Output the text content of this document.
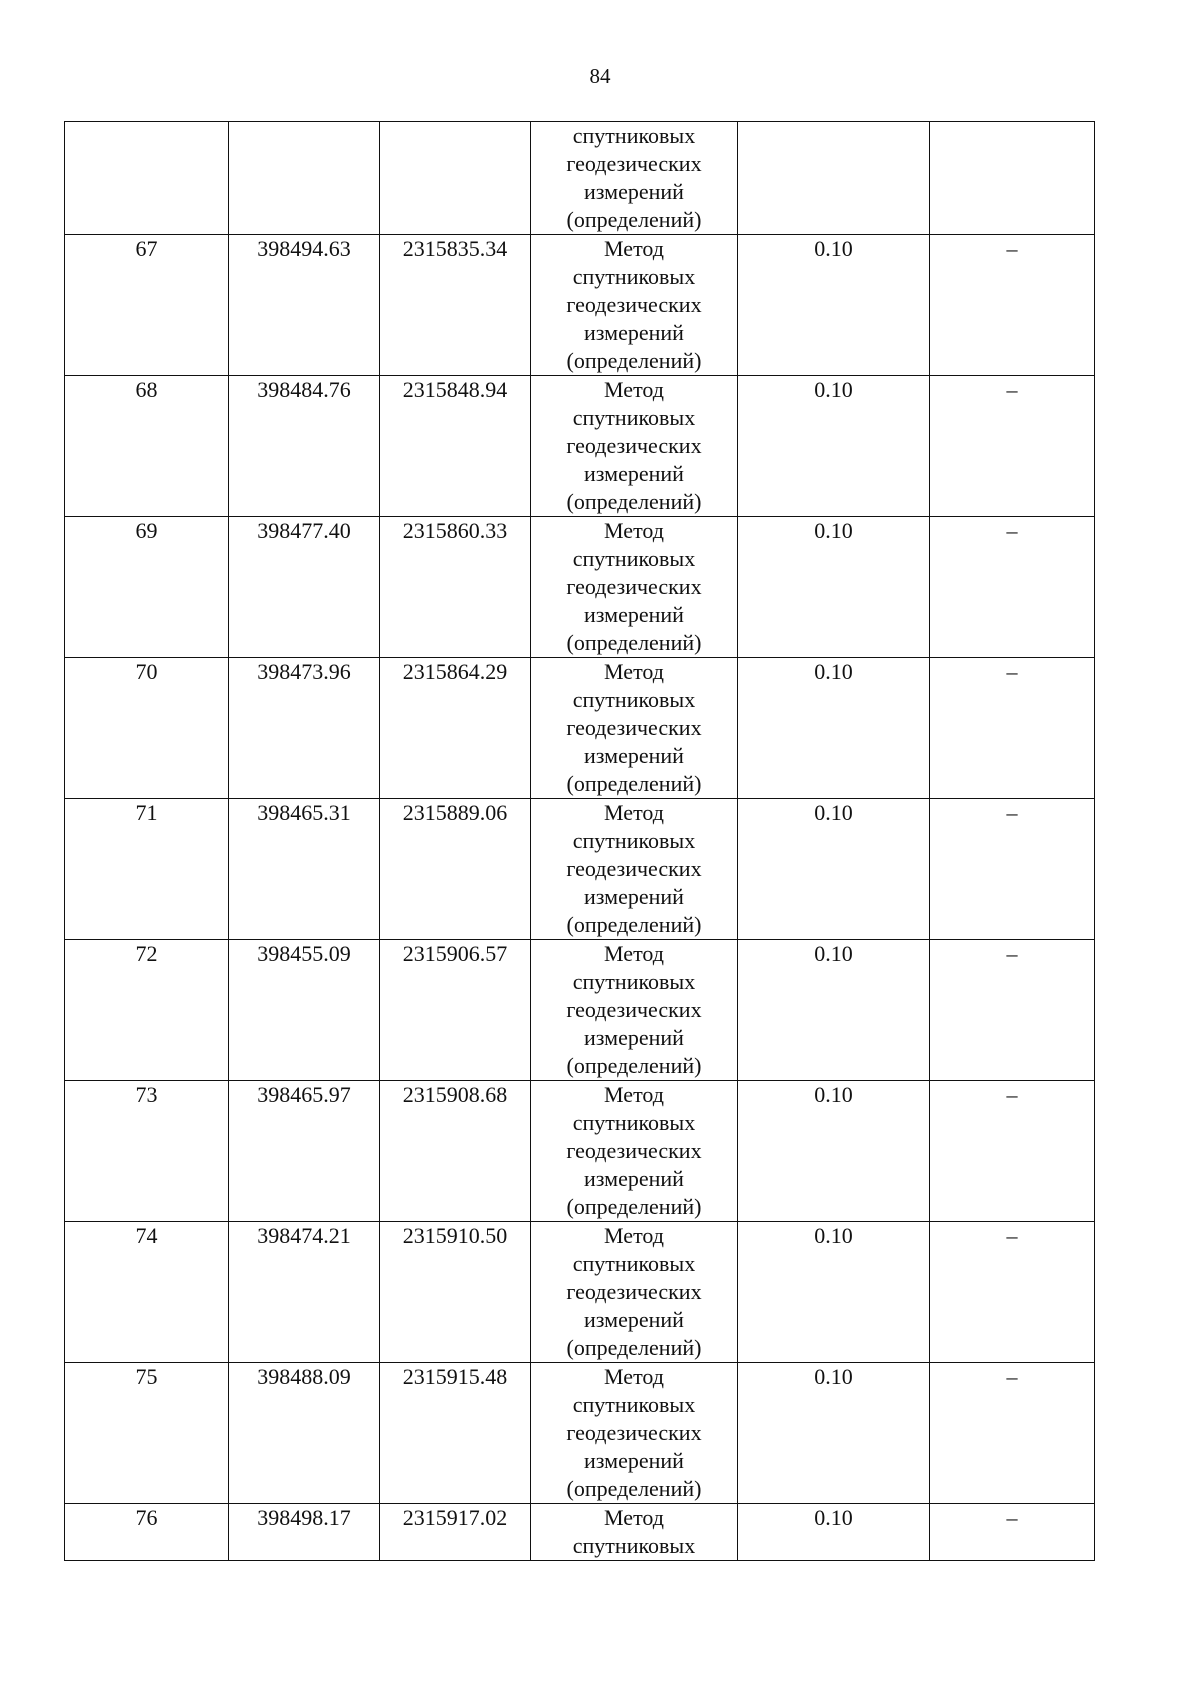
84

			спутниковых
геодезических
измерений
(определений)		

67	398494.63	2315835.34	Метод
спутниковых
геодезических
измерений
(определений)	0.10	–
68	398484.76	2315848.94	Метод
спутниковых
геодезических
измерений
(определений)	0.10	–
69	398477.40	2315860.33	Метод
спутниковых
геодезических
измерений
(определений)	0.10	–
70	398473.96	2315864.29	Метод
спутниковых
геодезических
измерений
(определений)	0.10	–
71	398465.31	2315889.06	Метод
спутниковых
геодезических
измерений
(определений)	0.10	–
72	398455.09	2315906.57	Метод
спутниковых
геодезических
измерений
(определений)	0.10	–
73	398465.97	2315908.68	Метод
спутниковых
геодезических
измерений
(определений)	0.10	–
74	398474.21	2315910.50	Метод
спутниковых
геодезических
измерений
(определений)	0.10	–
75	398488.09	2315915.48	Метод
спутниковых
геодезических
измерений
(определений)	0.10	–
76	398498.17	2315917.02	Метод
спутниковых	0.10	–
